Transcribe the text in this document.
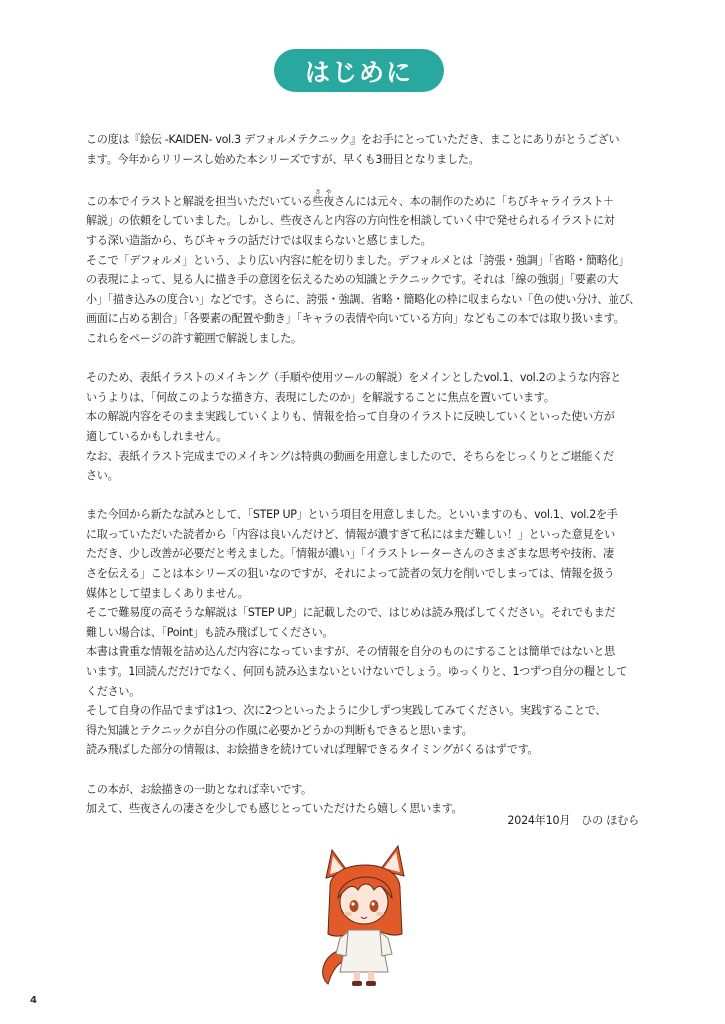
はじめに

この度は『絵伝 -KAIDEN- vol.3 デフォルメテクニック』をお手にとっていただき、まことにありがとうござい

ます。今年からリリースし始めた本シリーズですが、早くも3冊目となりました。

この本でイラストと解説を担当いただいている些夜さやさんには元々、本の制作のために「ちびキャライラスト＋

解説」の依頼をしていました。しかし、些夜さんと内容の方向性を相談していく中で発せられるイラストに対

する深い造詣から、ちびキャラの話だけでは収まらないと感じました。

そこで「デフォルメ」という、より広い内容に舵を切りました。デフォルメとは「誇張・強調」「省略・簡略化」

の表現によって、見る人に描き手の意図を伝えるための知識とテクニックです。それは「線の強弱」「要素の大

小」「描き込みの度合い」などです。さらに、誇張・強調、省略・簡略化の枠に収まらない「色の使い分け、並び、

画面に占める割合」「各要素の配置や動き」「キャラの表情や向いている方向」などもこの本では取り扱います。

これらをページの許す範囲で解説しました。

そのため、表紙イラストのメイキング（手順や使用ツールの解説）をメインとしたvol.1、vol.2のような内容と

いうよりは、「何故このような描き方、表現にしたのか」を解説することに焦点を置いています。

本の解説内容をそのまま実践していくよりも、情報を拾って自身のイラストに反映していくといった使い方が

適しているかもしれません。

なお、表紙イラスト完成までのメイキングは特典の動画を用意しましたので、そちらをじっくりとご堪能くだ

さい。

また今回から新たな試みとして、「STEP UP」という項目を用意しました。といいますのも、vol.1、vol.2を手

に取っていただいた読者から「内容は良いんだけど、情報が濃すぎて私にはまだ難しい！」といった意見をい

ただき、少し改善が必要だと考えました。「情報が濃い」「イラストレーターさんのさまざまな思考や技術、凄

さを伝える」ことは本シリーズの狙いなのですが、それによって読者の気力を削いでしまっては、情報を扱う

媒体として望ましくありません。

そこで難易度の高そうな解説は「STEP UP」に記載したので、はじめは読み飛ばしてください。それでもまだ

難しい場合は、「Point」も読み飛ばしてください。

本書は貴重な情報を詰め込んだ内容になっていますが、その情報を自分のものにすることは簡単ではないと思

います。1回読んだだけでなく、何回も読み込まないといけないでしょう。ゆっくりと、1つずつ自分の糧として

ください。

そして自身の作品でまずは1つ、次に2つといったように少しずつ実践してみてください。実践することで、

得た知識とテクニックが自分の作風に必要かどうかの判断もできると思います。

読み飛ばした部分の情報は、お絵描きを続けていれば理解できるタイミングがくるはずです。

この本が、お絵描きの一助となれば幸いです。

加えて、些夜さんの凄さを少しでも感じとっていただけたら嬉しく思います。

2024年10月　ひの ほむら
4
